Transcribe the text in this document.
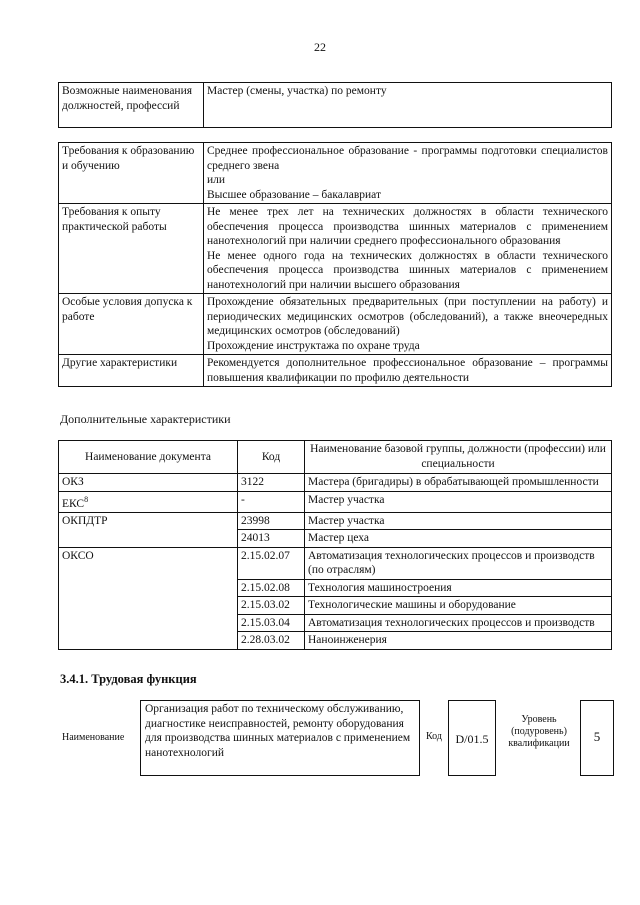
22
Возможные наименования должностей, профессий	Мастер (смены, участка) по ремонту
Требования к образованию и обучению	Среднее профессиональное образование - программы подготовки специалистов среднего звена
или
Высшее образование – бакалавриат

Требования к опыту практической работы	Не менее трех лет на технических должностях в области технического обеспечения процесса производства шинных материалов с применением нанотехнологий при наличии среднего профессионального образования
Не менее одного года на технических должностях в области технического обеспечения процесса производства шинных материалов с применением нанотехнологий при наличии высшего образования

Особые условия допуска к работе	Прохождение обязательных предварительных (при поступлении на работу) и периодических медицинских осмотров (обследований), а также внеочередных медицинских осмотров (обследований)
Прохождение инструктажа по охране труда

Другие характеристики	Рекомендуется дополнительное профессиональное образование – программы повышения квалификации по профилю деятельности
Дополнительные характеристики
Наименование документа	Код	Наименование базовой группы, должности (профессии) или специальности
ОКЗ	3122	Мастера (бригадиры) в обрабатывающей промышленности
ЕКС$^8$	-	Мастер участка
ОКПДТР	23998	Мастер участка
	24013	Мастер цеха
ОКСО	2.15.02.07	Автоматизация технологических процессов и производств (по отраслям)
	2.15.02.08	Технология машиностроения
	2.15.03.02	Технологические машины и оборудование
	2.15.03.04	Автоматизация технологических процессов и производств
	2.28.03.02	Наноинженерия
3.4.1. Трудовая функция
Наименование
Организация работ по техническому обслуживанию, диагностике неисправностей, ремонту оборудования для производства шинных материалов с применением нанотехнологий
Код	D/01.5
Уровень (подуровень) квалификации	5
